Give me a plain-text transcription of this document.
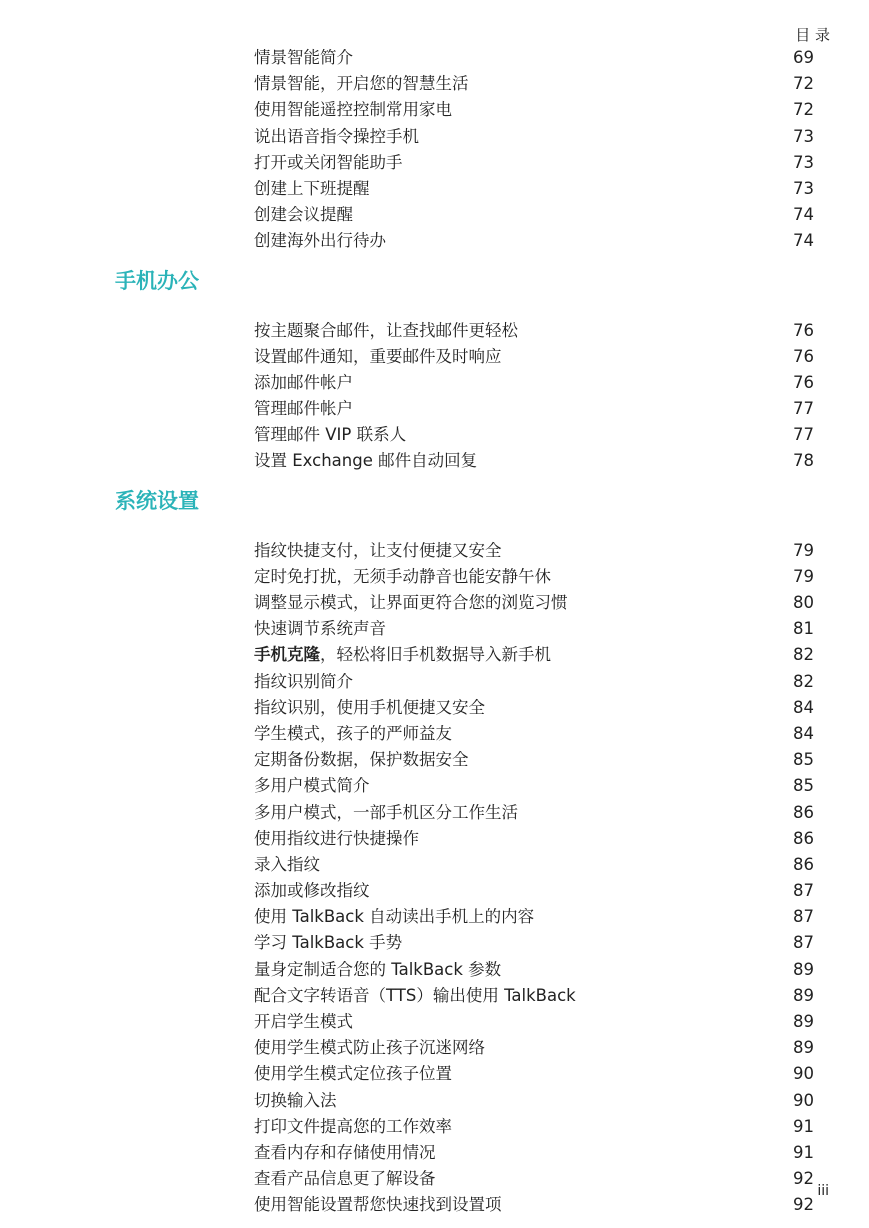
目 录
情景智能简介	69
情景智能，开启您的智慧生活	72
使用智能遥控控制常用家电	72
说出语音指令操控手机	73
打开或关闭智能助手	73
创建上下班提醒	73
创建会议提醒	74
创建海外出行待办	74
手机办公
按主题聚合邮件，让查找邮件更轻松	76
设置邮件通知，重要邮件及时响应	76
添加邮件帐户	76
管理邮件帐户	77
管理邮件 VIP 联系人	77
设置 Exchange 邮件自动回复	78
系统设置
指纹快捷支付，让支付便捷又安全	79
定时免打扰，无须手动静音也能安静午休	79
调整显示模式，让界面更符合您的浏览习惯	80
快速调节系统声音	81
手机克隆，轻松将旧手机数据导入新手机	82
指纹识别简介	82
指纹识别，使用手机便捷又安全	84
学生模式，孩子的严师益友	84
定期备份数据，保护数据安全	85
多用户模式简介	85
多用户模式，一部手机区分工作生活	86
使用指纹进行快捷操作	86
录入指纹	86
添加或修改指纹	87
使用 TalkBack 自动读出手机上的内容	87
学习 TalkBack 手势	87
量身定制适合您的 TalkBack 参数	89
配合文字转语音（TTS）输出使用 TalkBack	89
开启学生模式	89
使用学生模式防止孩子沉迷网络	89
使用学生模式定位孩子位置	90
切换输入法	90
打印文件提高您的工作效率	91
查看内存和存储使用情况	91
查看产品信息更了解设备	92
使用智能设置帮您快速找到设置项	92
iii
